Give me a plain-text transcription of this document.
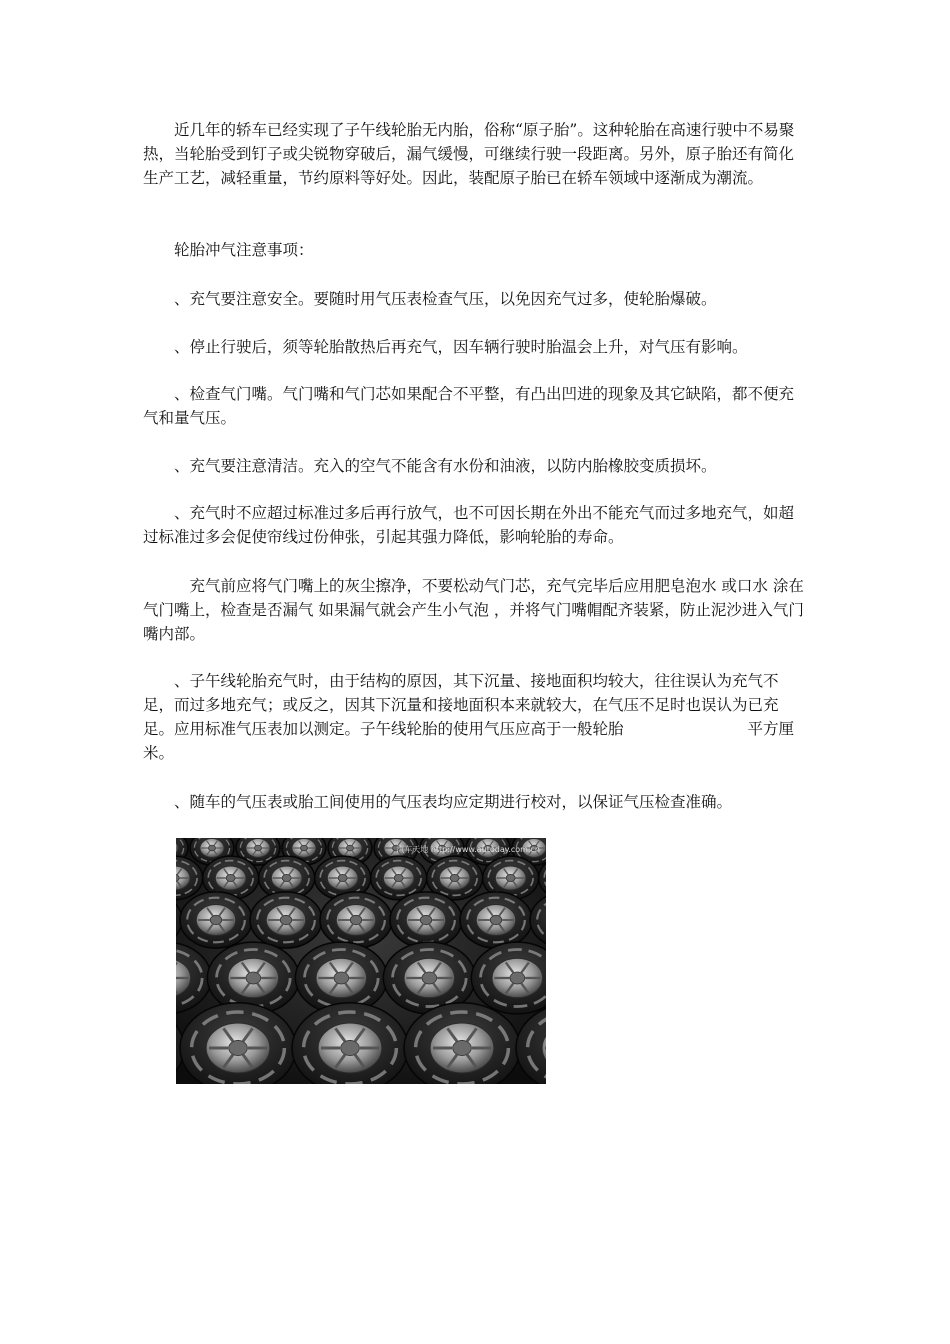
　　近几年的轿车已经实现了子午线轮胎无内胎，俗称“原子胎”。这种轮胎在高速行驶中不易聚热，当轮胎受到钉子或尖锐物穿破后，漏气缓慢，可继续行驶一段距离。另外，原子胎还有简化生产工艺，减轻重量，节约原料等好处。因此，装配原子胎已在轿车领域中逐渐成为潮流。

　　轮胎冲气注意事项：

　　、充气要注意安全。要随时用气压表检查气压，以免因充气过多，使轮胎爆破。

　　、停止行驶后，须等轮胎散热后再充气，因车辆行驶时胎温会上升，对气压有影响。

　　、检查气门嘴。气门嘴和气门芯如果配合不平整，有凸出凹进的现象及其它缺陷，都不便充气和量气压。

　　、充气要注意清洁。充入的空气不能含有水份和油液，以防内胎橡胶变质损坏。

　　、充气时不应超过标准过多后再行放气，也不可因长期在外出不能充气而过多地充气，如超过标准过多会促使帘线过份伸张，引起其强力降低，影响轮胎的寿命。

　　　充气前应将气门嘴上的灰尘擦净，不要松动气门芯，充气完毕后应用肥皂泡水 或口水 涂在气门嘴上，检查是否漏气 如果漏气就会产生小气泡 ，并将气门嘴帽配齐装紧，防止泥沙进入气门嘴内部。

　　、子午线轮胎充气时，由于结构的原因，其下沉量、接地面积均较大，往往误认为充气不足，而过多地充气；或反之，因其下沉量和接地面积本来就较大，在气压不足时也误认为已充足。应用标准气压表加以测定。子午线轮胎的使用气压应高于一般轮胎　　　　　　　　平方厘米。

　　、随车的气压表或胎工间使用的气压表均应定期进行校对，以保证气压检查准确。

汽车天地 http://www.autoday.com.cn
